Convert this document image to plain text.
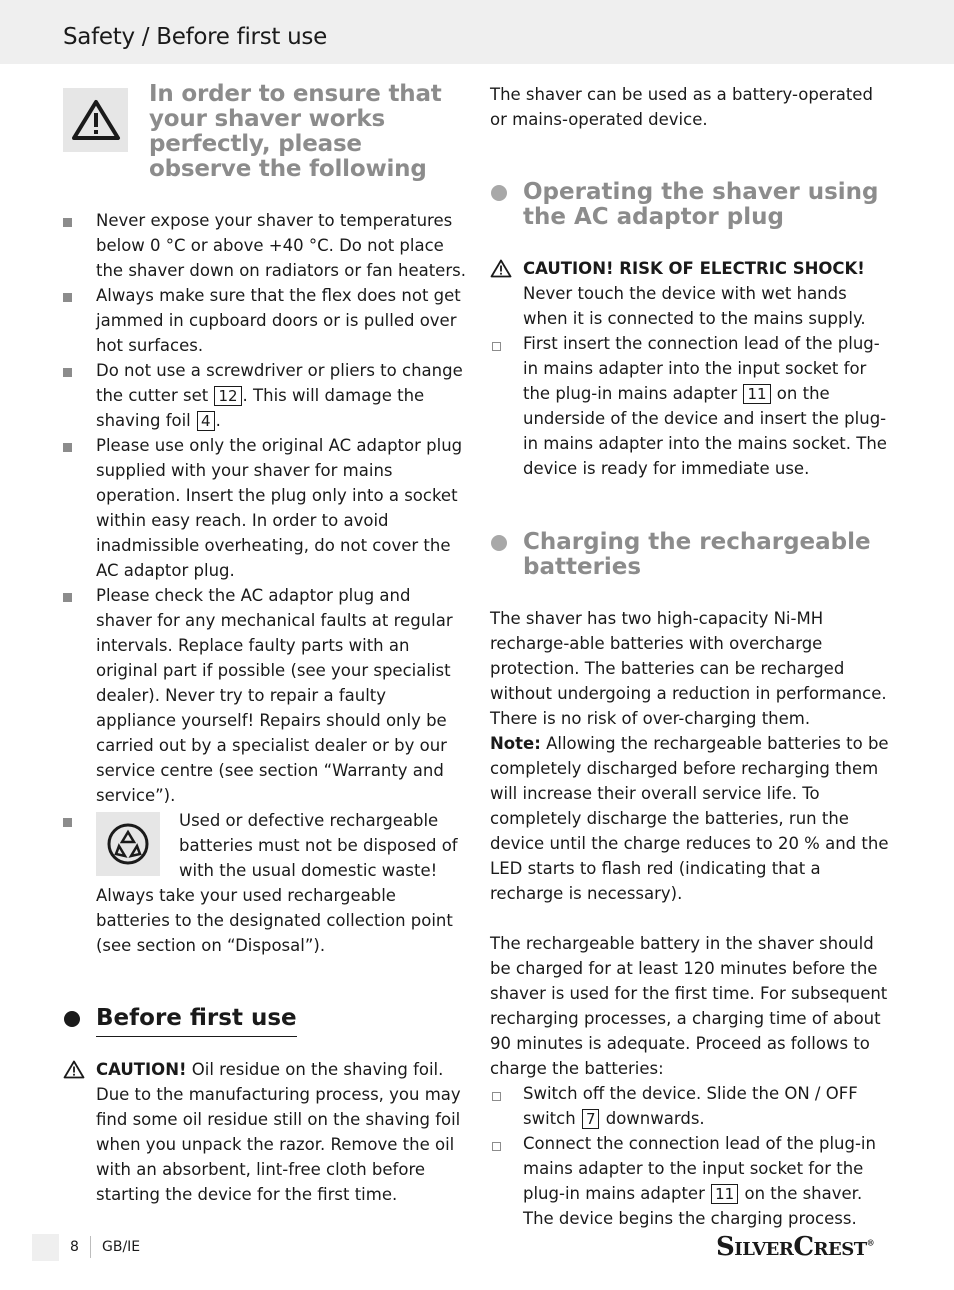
Safety / Before first use
In order to ensure that your shaver works perfectly, please observe the following
Never expose your shaver to temperatures below 0 °C or above +40 °C. Do not place the shaver down on radiators or fan heaters.
Always make sure that the flex does not get jammed in cupboard doors or is pulled over hot surfaces.
Do not use a screwdriver or pliers to change the cutter set 12 . This will damage the shaving foil 4 .
Please use only the original AC adaptor plug supplied with your shaver for mains operation. Insert the plug only into a socket within easy reach. In order to avoid inadmissible overheating, do not cover the AC adaptor plug.
Please check the AC adaptor plug and shaver for any mechanical faults at regular intervals. Replace faulty parts with an original part if possible (see your specialist dealer). Never try to repair a faulty appliance yourself! Repairs should only be carried out by a specialist dealer or by our service centre (see section “Warranty and service”).
Used or defective rechargeable batteries must not be disposed of with the usual domestic waste! Always take your used rechargeable batteries to the designated collection point (see section on “Disposal”).
Before first use
CAUTION! Oil residue on the shaving foil. Due to the manufacturing process, you may find some oil residue still on the shaving foil when you unpack the razor. Remove the oil with an absorbent, lint-free cloth before starting the device for the first time.

The shaver can be used as a battery-operated or mains-operated device.

Operating the shaver using the AC adaptor plug
CAUTION! RISK OF ELECTRIC SHOCK!
Never touch the device with wet hands when it is connected to the mains supply.
First insert the connection lead of the plug-in mains adapter into the input socket for the plug-in mains adapter 11 on the underside of the device and insert the plug-in mains adapter into the mains socket. The device is ready for immediate use.
Charging the rechargeable batteries

The shaver has two high-capacity Ni-MH recharge-able batteries with overcharge protection. The batteries can be recharged without undergoing a reduction in performance. There is no risk of over-charging them.

Note: Allowing the rechargeable batteries to be completely discharged before recharging them will increase their overall service life. To completely discharge the batteries, run the device until the charge reduces to 20 % and the LED starts to flash red (indicating that a recharge is necessary).

The rechargeable battery in the shaver should be charged for at least 120 minutes before the shaver is used for the first time. For subsequent recharging processes, a charging time of about 90 minutes is adequate. Proceed as follows to charge the batteries:

Switch off the device. Slide the ON / OFF switch 7 downwards.
Connect the connection lead of the plug-in mains adapter to the input socket for the plug-in mains adapter 11 on the shaver. The device begins the charging process.
8 GB/IE	SilverCrest®
